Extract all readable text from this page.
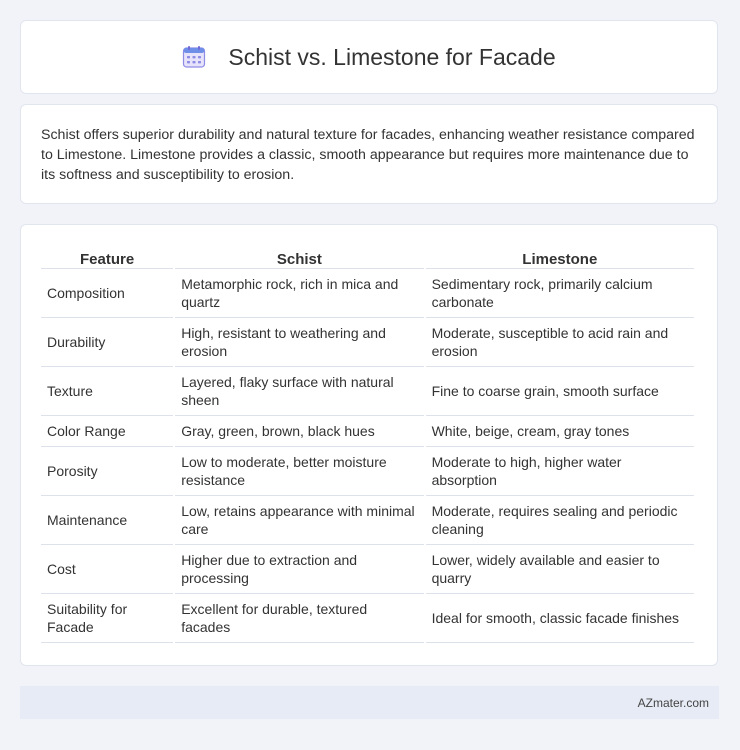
Schist vs. Limestone for Facade

Schist offers superior durability and natural texture for facades, enhancing weather resistance compared to Limestone. Limestone provides a classic, smooth appearance but requires more maintenance due to its softness and susceptibility to erosion.

Feature	Schist	Limestone
Composition	Metamorphic rock, rich in mica and quartz	Sedimentary rock, primarily calcium carbonate
Durability	High, resistant to weathering and erosion	Moderate, susceptible to acid rain and erosion
Texture	Layered, flaky surface with natural sheen	Fine to coarse grain, smooth surface
Color Range	Gray, green, brown, black hues	White, beige, cream, gray tones
Porosity	Low to moderate, better moisture resistance	Moderate to high, higher water absorption
Maintenance	Low, retains appearance with minimal care	Moderate, requires sealing and periodic cleaning
Cost	Higher due to extraction and processing	Lower, widely available and easier to quarry
Suitability for Facade	Excellent for durable, textured facades	Ideal for smooth, classic facade finishes
AZmater.com
